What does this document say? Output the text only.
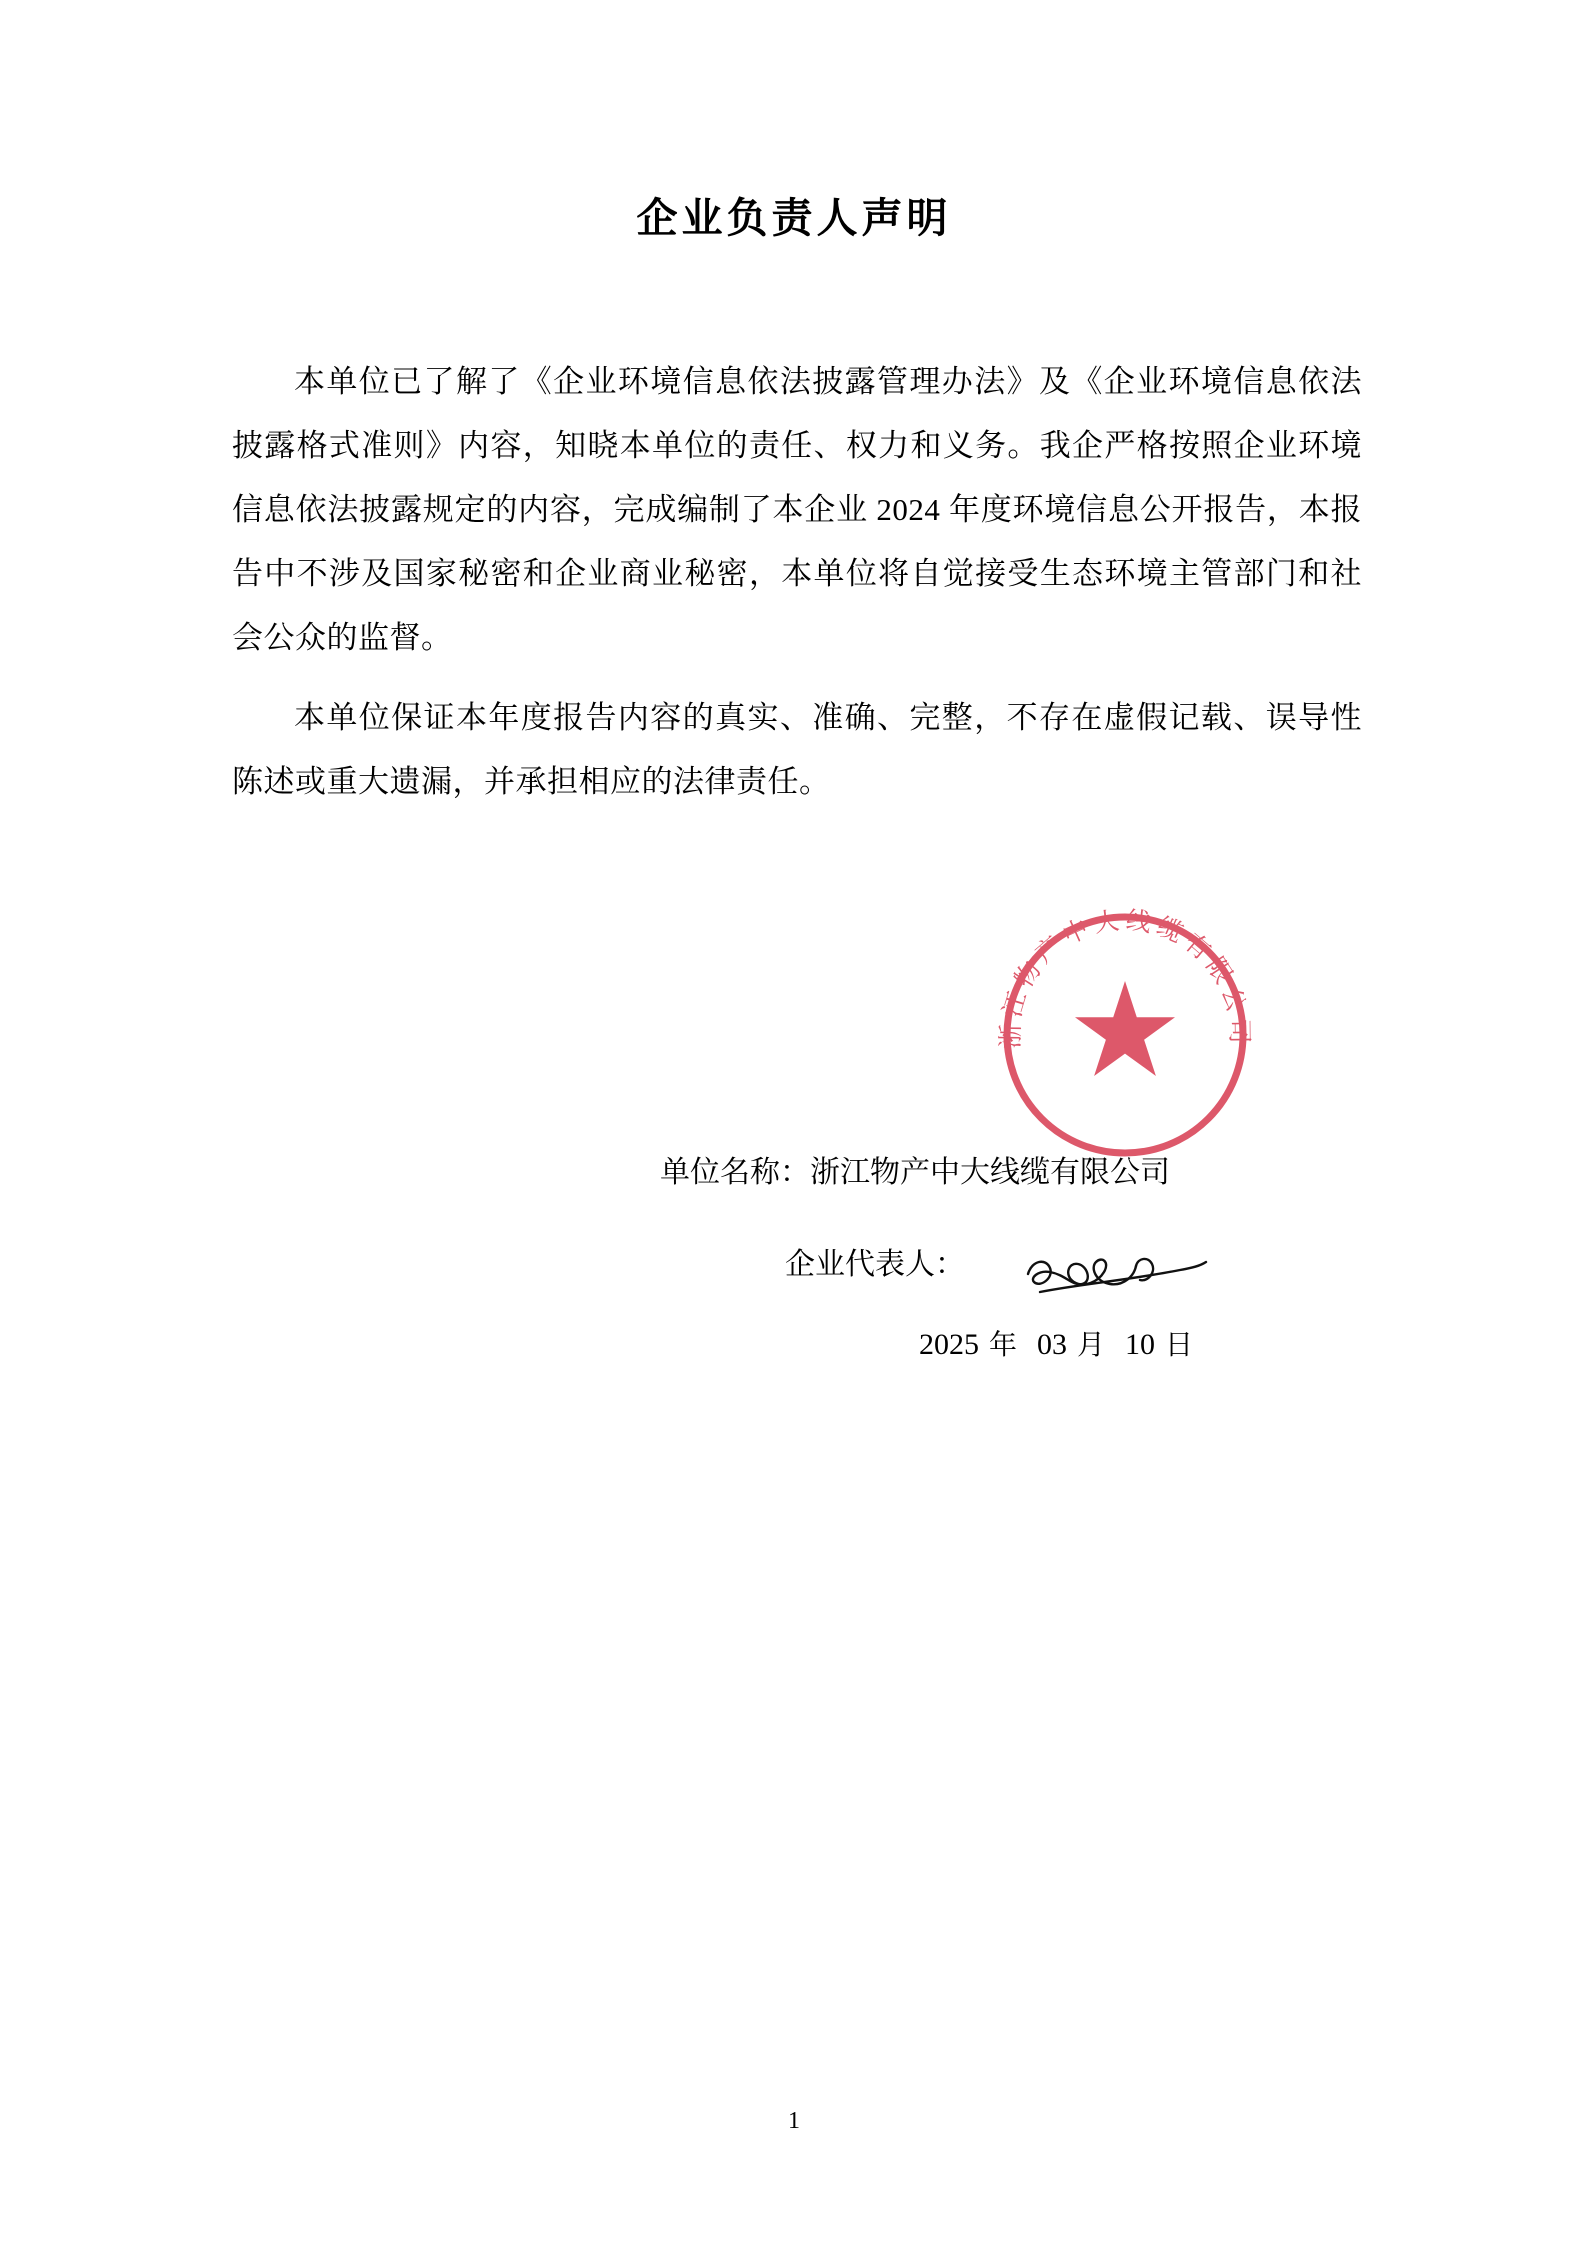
企业负责人声明

本单位已了解了《企业环境信息依法披露管理办法》及《企业环境信息依法披露格式准则》内容，知晓本单位的责任、权力和义务。我企严格按照企业环境信息依法披露规定的内容，完成编制了本企业 2024 年度环境信息公开报告，本报告中不涉及国家秘密和企业商业秘密，本单位将自觉接受生态环境主管部门和社会公众的监督。

本单位保证本年度报告内容的真实、准确、完整，不存在虚假记载、误导性陈述或重大遗漏，并承担相应的法律责任。

浙江物产中大线缆有限公司
单位名称：浙江物产中大线缆有限公司
企业代表人：
2025 年 03 月 10 日
1
